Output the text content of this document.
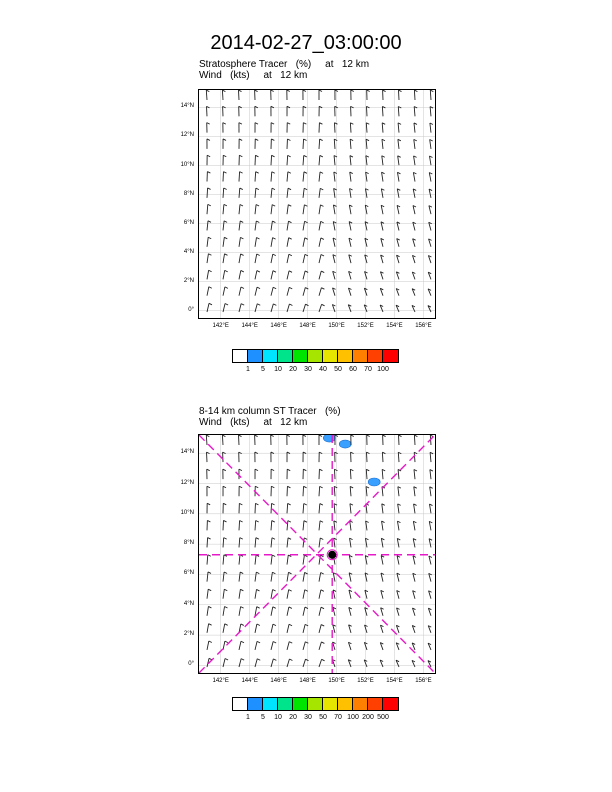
2014-02-27_03:00:00
Stratosphere Tracer   (%)     at   12 km
Wind   (kts)     at   12 km
14°N
12°N
10°N
8°N
6°N
4°N
2°N
0°
142°E	144°E	146°E	148°E	150°E	152°E	154°E	156°E
1	5	10	20	30	40	50	60	70 100
8-14 km column ST Tracer   (%)
Wind   (kts)     at   12 km
14°N
12°N
10°N
8°N
6°N
4°N
2°N
0°
142°E	144°E	146°E	148°E	150°E	152°E	154°E	156°E
1	5	10	20	30	50	70 100 200 500
